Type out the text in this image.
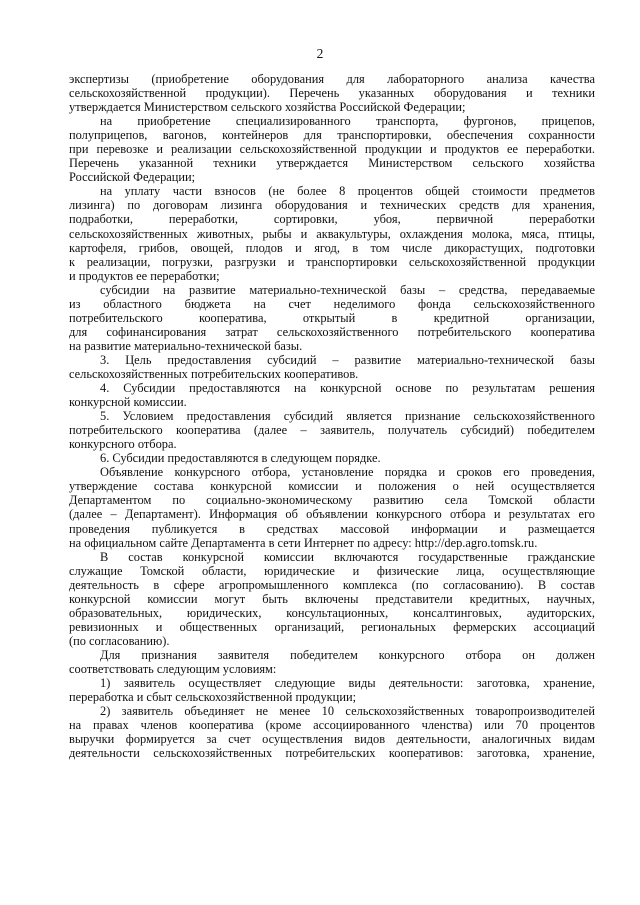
2
экспертизы (приобретение оборудования для лабораторного анализа качества
сельскохозяйственной продукции). Перечень указанных оборудования и техники
утверждается Министерством сельского хозяйства Российской Федерации;
на приобретение специализированного транспорта, фургонов, прицепов,
полуприцепов, вагонов, контейнеров для транспортировки, обеспечения сохранности
при перевозке и реализации сельскохозяйственной продукции и продуктов ее переработки.
Перечень указанной техники утверждается Министерством сельского хозяйства
Российской Федерации;
на уплату части взносов (не более 8 процентов общей стоимости предметов
лизинга) по договорам лизинга оборудования и технических средств для хранения,
подработки, переработки, сортировки, убоя, первичной переработки
сельскохозяйственных животных, рыбы и аквакультуры, охлаждения молока, мяса, птицы,
картофеля, грибов, овощей, плодов и ягод, в том числе дикорастущих, подготовки
к реализации, погрузки, разгрузки и транспортировки сельскохозяйственной продукции
и продуктов ее переработки;
субсидии на развитие материально-технической базы – средства, передаваемые
из областного бюджета на счет неделимого фонда сельскохозяйственного
потребительского кооператива, открытый в кредитной организации,
для софинансирования затрат сельскохозяйственного потребительского кооператива
на развитие материально-технической базы.
3. Цель предоставления субсидий – развитие материально-технической базы
сельскохозяйственных потребительских кооперативов.
4. Субсидии предоставляются на конкурсной основе по результатам решения
конкурсной комиссии.
5. Условием предоставления субсидий является признание сельскохозяйственного
потребительского кооператива (далее – заявитель, получатель субсидий) победителем
конкурсного отбора.
6. Субсидии предоставляются в следующем порядке.
Объявление конкурсного отбора, установление порядка и сроков его проведения,
утверждение состава конкурсной комиссии и положения о ней осуществляется
Департаментом по социально-экономическому развитию села Томской области
(далее – Департамент). Информация об объявлении конкурсного отбора и результатах его
проведения публикуется в средствах массовой информации и размещается
на официальном сайте Департамента в сети Интернет по адресу: http://dep.agro.tomsk.ru.
В состав конкурсной комиссии включаются государственные гражданские
служащие Томской области, юридические и физические лица, осуществляющие
деятельность в сфере агропромышленного комплекса (по согласованию). В состав
конкурсной комиссии могут быть включены представители кредитных, научных,
образовательных, юридических, консультационных, консалтинговых, аудиторских,
ревизионных и общественных организаций, региональных фермерских ассоциаций
(по согласованию).
Для признания заявителя победителем конкурсного отбора он должен
соответствовать следующим условиям:
1) заявитель осуществляет следующие виды деятельности: заготовка, хранение,
переработка и сбыт сельскохозяйственной продукции;
2) заявитель объединяет не менее 10 сельскохозяйственных товаропроизводителей
на правах членов кооператива (кроме ассоциированного членства) или 70 процентов
выручки формируется за счет осуществления видов деятельности, аналогичных видам
деятельности сельскохозяйственных потребительских кооперативов: заготовка, хранение,
